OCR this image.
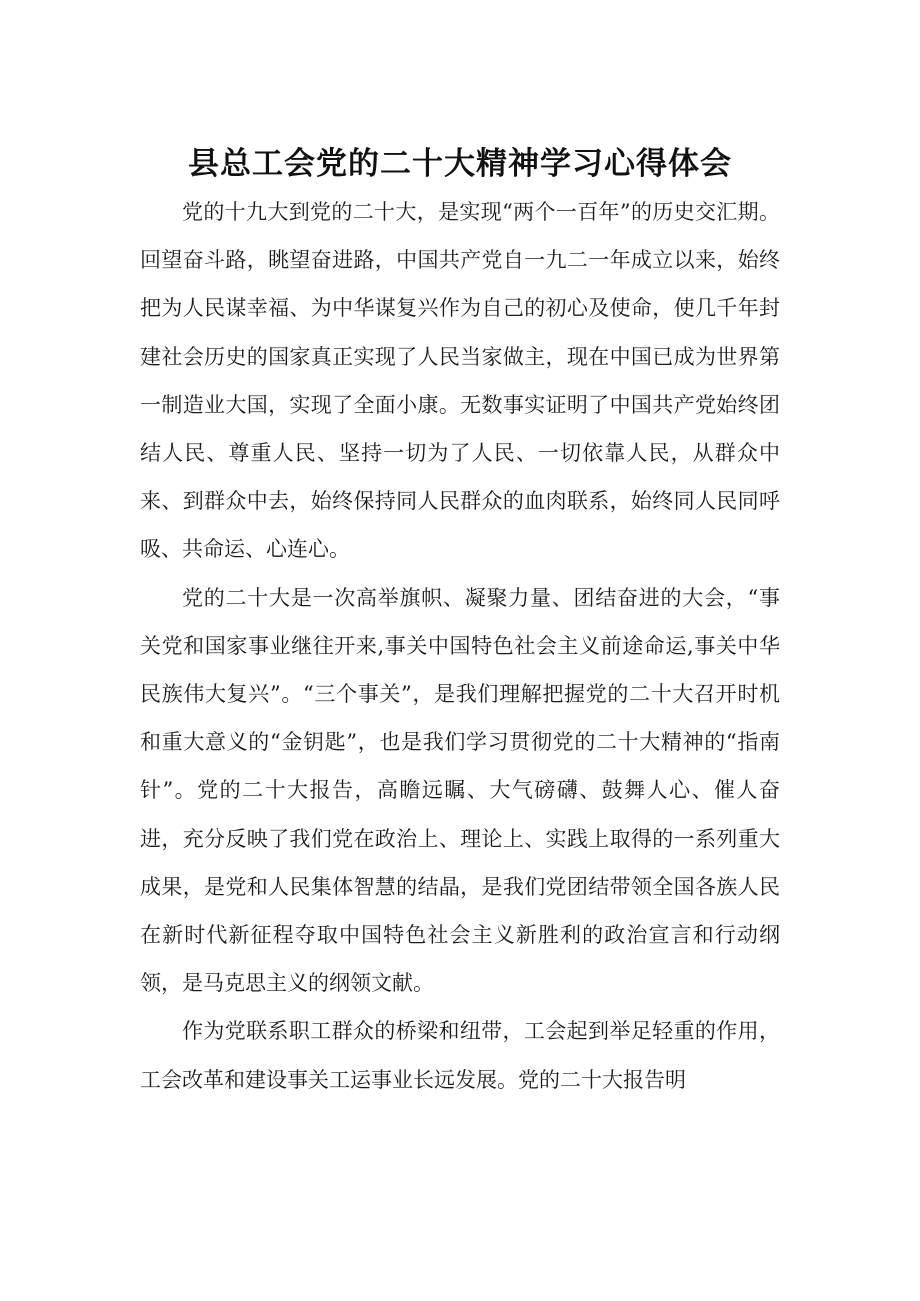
县总工会党的二十大精神学习心得体会

党的十九大到党的二十大，是实现“两个一百年”的历史交汇期。回望奋斗路，眺望奋进路，中国共产党自一九二一年成立以来，始终把为人民谋幸福、为中华谋复兴作为自己的初心及使命，使几千年封建社会历史的国家真正实现了人民当家做主，现在中国已成为世界第一制造业大国，实现了全面小康。无数事实证明了中国共产党始终团结人民、尊重人民、坚持一切为了人民、一切依靠人民，从群众中来、到群众中去，始终保持同人民群众的血肉联系，始终同人民同呼吸、共命运、心连心。

党的二十大是一次高举旗帜、凝聚力量、团结奋进的大会，“事关党和国家事业继往开来,事关中国特色社会主义前途命运,事关中华民族伟大复兴”。“三个事关”，是我们理解把握党的二十大召开时机和重大意义的“金钥匙”，也是我们学习贯彻党的二十大精神的“指南针”。党的二十大报告，高瞻远瞩、大气磅礴、鼓舞人心、催人奋进，充分反映了我们党在政治上、理论上、实践上取得的一系列重大成果，是党和人民集体智慧的结晶，是我们党团结带领全国各族人民在新时代新征程夺取中国特色社会主义新胜利的政治宣言和行动纲领，是马克思主义的纲领文献。

作为党联系职工群众的桥梁和纽带，工会起到举足轻重的作用，工会改革和建设事关工运事业长远发展。党的二十大报告明
